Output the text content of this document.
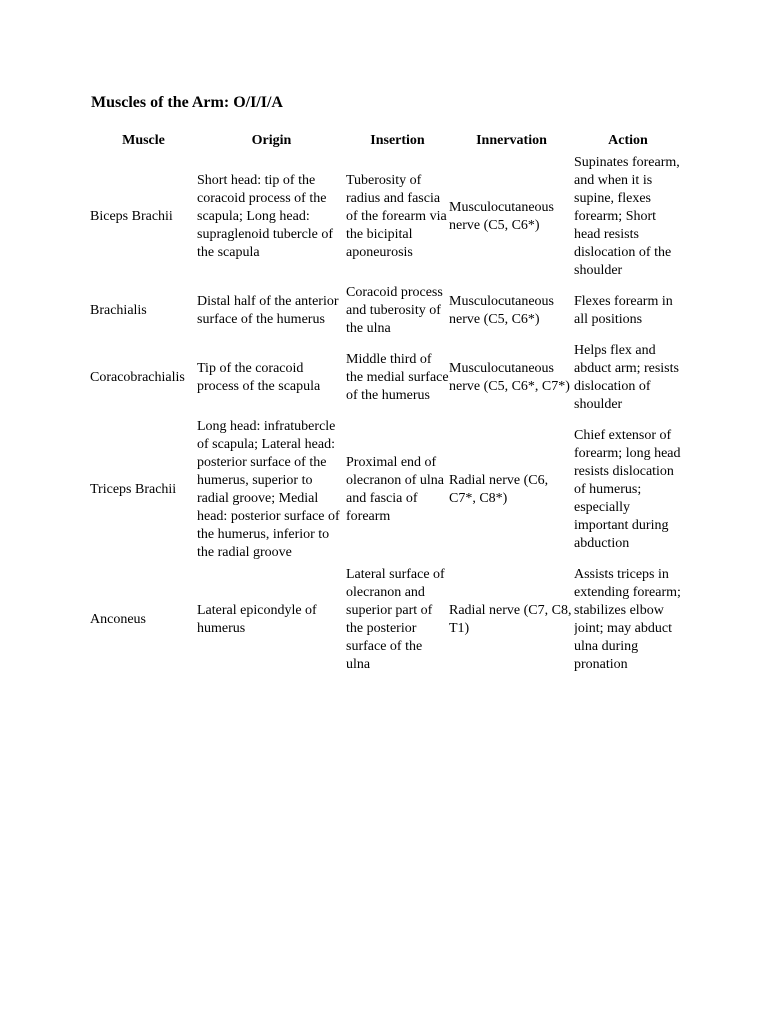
Muscles of the Arm: O/I/I/A
Muscle	Origin	Insertion	Innervation	Action
Biceps Brachii	Short head: tip of the coracoid process of the scapula; Long head: supraglenoid tubercle of the scapula	Tuberosity of radius and fascia of the forearm via the bicipital aponeurosis	Musculocutaneous nerve (C5, C6*)	Supinates forearm, and when it is supine, flexes forearm; Short head resists dislocation of the shoulder
Brachialis	Distal half of the anterior surface of the humerus	Coracoid process and tuberosity of the ulna	Musculocutaneous nerve (C5, C6*)	Flexes forearm in all positions
Coracobrachialis	Tip of the coracoid process of the scapula	Middle third of the medial surface of the humerus	Musculocutaneous nerve (C5, C6*, C7*)	Helps flex and abduct arm; resists dislocation of shoulder
Triceps Brachii	Long head: infratubercle of scapula; Lateral head: posterior surface of the humerus, superior to radial groove; Medial head: posterior surface of the humerus, inferior to the radial groove	Proximal end of olecranon of ulna and fascia of forearm	Radial nerve (C6, C7*, C8*)	Chief extensor of forearm; long head resists dislocation of humerus; especially important during abduction
Anconeus	Lateral epicondyle of humerus	Lateral surface of olecranon and superior part of the posterior surface of the ulna	Radial nerve (C7, C8, T1)	Assists triceps in extending forearm; stabilizes elbow joint; may abduct ulna during pronation
